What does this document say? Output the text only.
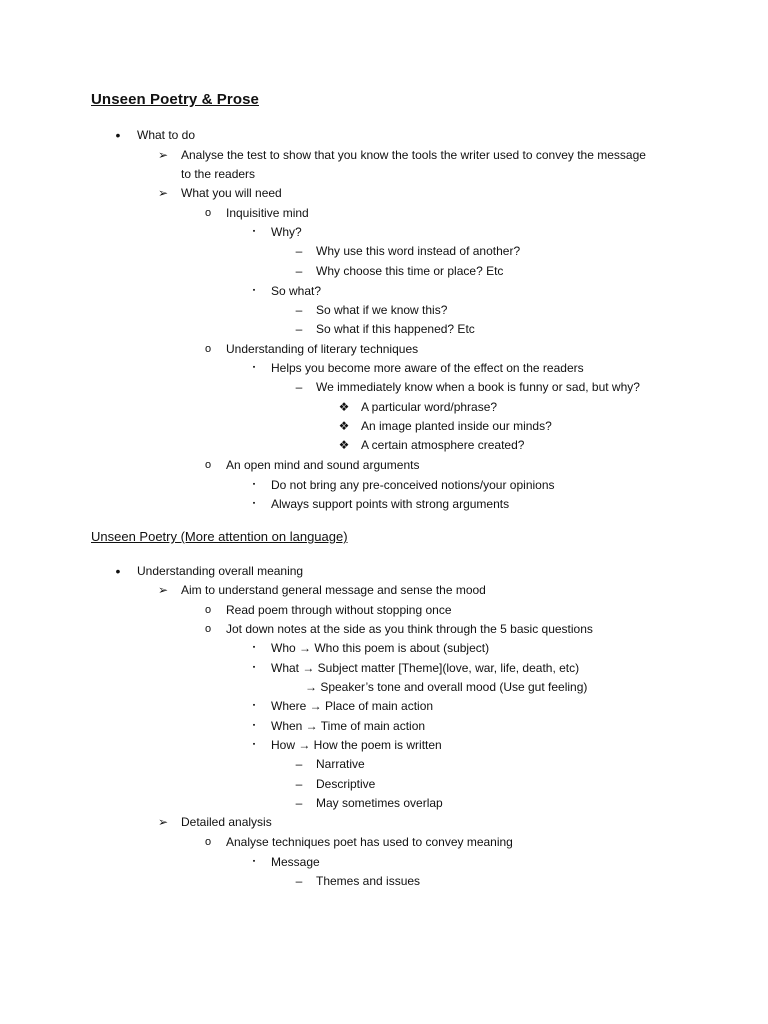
Unseen Poetry & Prose
•	What to do
➢ Analyse the test to show that you know the tools the writer used to convey the message
to the readers
➢ What you will need
o	Inquisitive mind
▪	Why?
–	Why use this word instead of another?
–	Why choose this time or place? Etc
▪	So what?
–	So what if we know this?
–	So what if this happened? Etc
o	Understanding of literary techniques
▪	Helps you become more aware of the effect on the readers
–	We immediately know when a book is funny or sad, but why?
❖ A particular word/phrase?
❖ An image planted inside our minds?
❖ A certain atmosphere created?
o	An open mind and sound arguments
▪	Do not bring any pre-conceived notions/your opinions
▪	Always support points with strong arguments
Unseen Poetry (More attention on language)
•	Understanding overall meaning
➢ Aim to understand general message and sense the mood
o	Read poem through without stopping once
o	Jot down notes at the side as you think through the 5 basic questions
▪	Who → Who this poem is about (subject)
▪	What → Subject matter [Theme](love, war, life, death, etc)
→ Speaker’s tone and overall mood (Use gut feeling)
▪	Where → Place of main action
▪	When → Time of main action
▪	How → How the poem is written
–	Narrative
–	Descriptive
–	May sometimes overlap
➢ Detailed analysis
o	Analyse techniques poet has used to convey meaning
▪	Message
–	Themes and issues
